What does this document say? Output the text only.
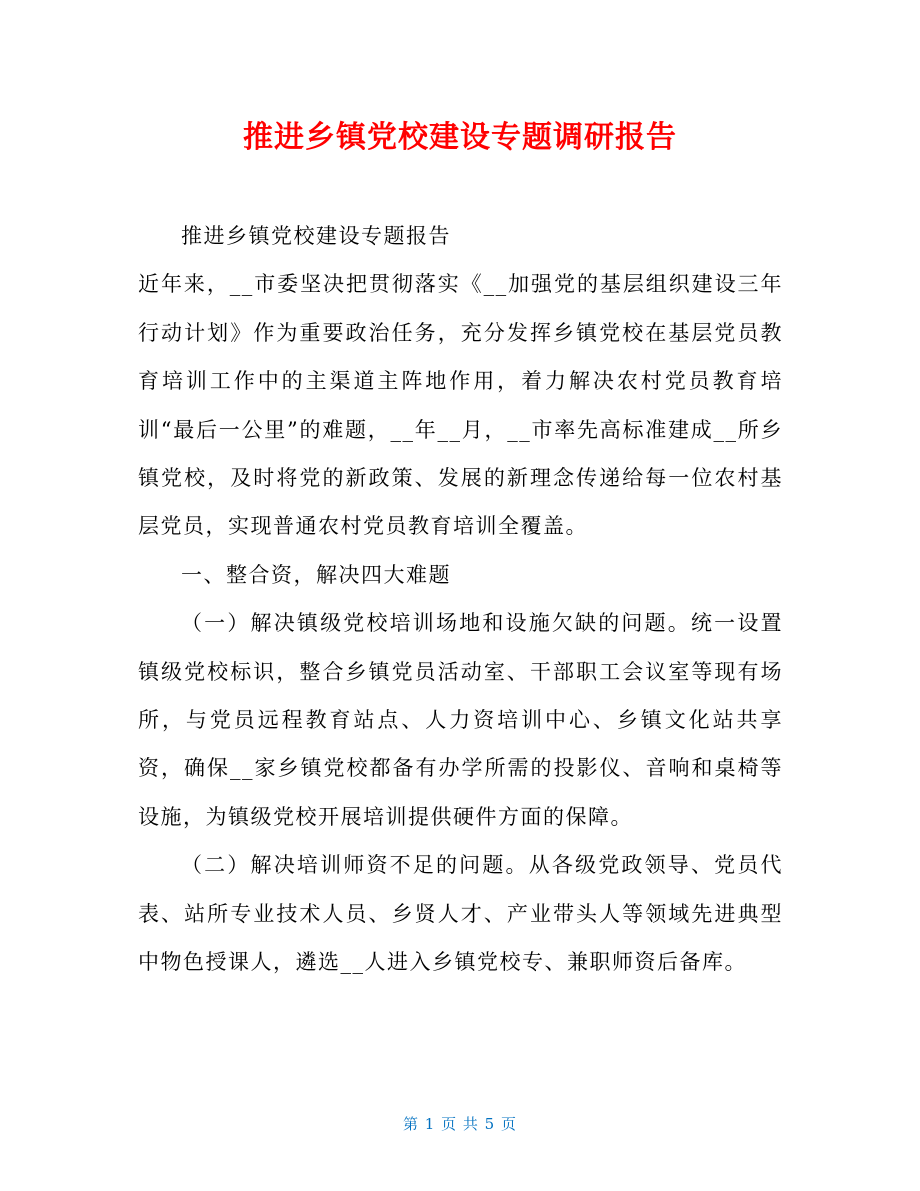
推进乡镇党校建设专题调研报告

推进乡镇党校建设专题报告

近年来，__市委坚决把贯彻落实《__加强党的基层组织建设三年行动计划》作为重要政治任务，充分发挥乡镇党校在基层党员教育培训工作中的主渠道主阵地作用，着力解决农村党员教育培训“最后一公里”的难题，__年__月，__市率先高标准建成__所乡镇党校，及时将党的新政策、发展的新理念传递给每一位农村基层党员，实现普通农村党员教育培训全覆盖。

一、整合资，解决四大难题

（一）解决镇级党校培训场地和设施欠缺的问题。统一设置镇级党校标识，整合乡镇党员活动室、干部职工会议室等现有场所，与党员远程教育站点、人力资培训中心、乡镇文化站共享资，确保__家乡镇党校都备有办学所需的投影仪、音响和桌椅等设施，为镇级党校开展培训提供硬件方面的保障。

（二）解决培训师资不足的问题。从各级党政领导、党员代表、站所专业技术人员、乡贤人才、产业带头人等领域先进典型中物色授课人，遴选__人进入乡镇党校专、兼职师资后备库。

第 1 页 共 5 页
